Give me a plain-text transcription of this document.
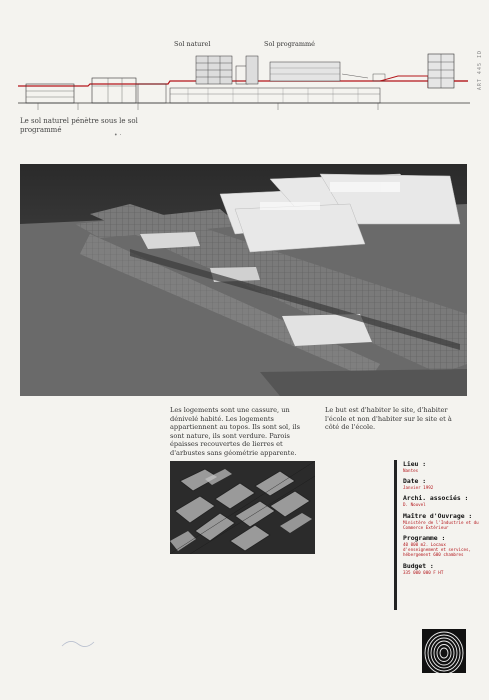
Sol naturel	Sol programmé
Le sol naturel pénètre sous le sol programmé
• ·
ART 445 ID
Les logements sont une cassure, un dénivelé habité. Les logements appartiennent au topos. Ils sont sol, ils sont nature, ils sont verdure. Parois épaisses recouvertes de lierres et d'arbustes sans géométrie apparente.
Le but est d'habiter le site, d'habiter l'école et non d'habiter sur le site et à côté de l'école.
Lieu :
Nantes
Date :
Janvier 1992
Archi. associés :
D. Nouvel
Maître d'Ouvrage :
Ministère de l'Industrie et du Commerce Extérieur
Programme :
40 000 m2. Locaux d'enseignement et services, hébergement 600 chambres
Budget :
335 000 000 F HT
